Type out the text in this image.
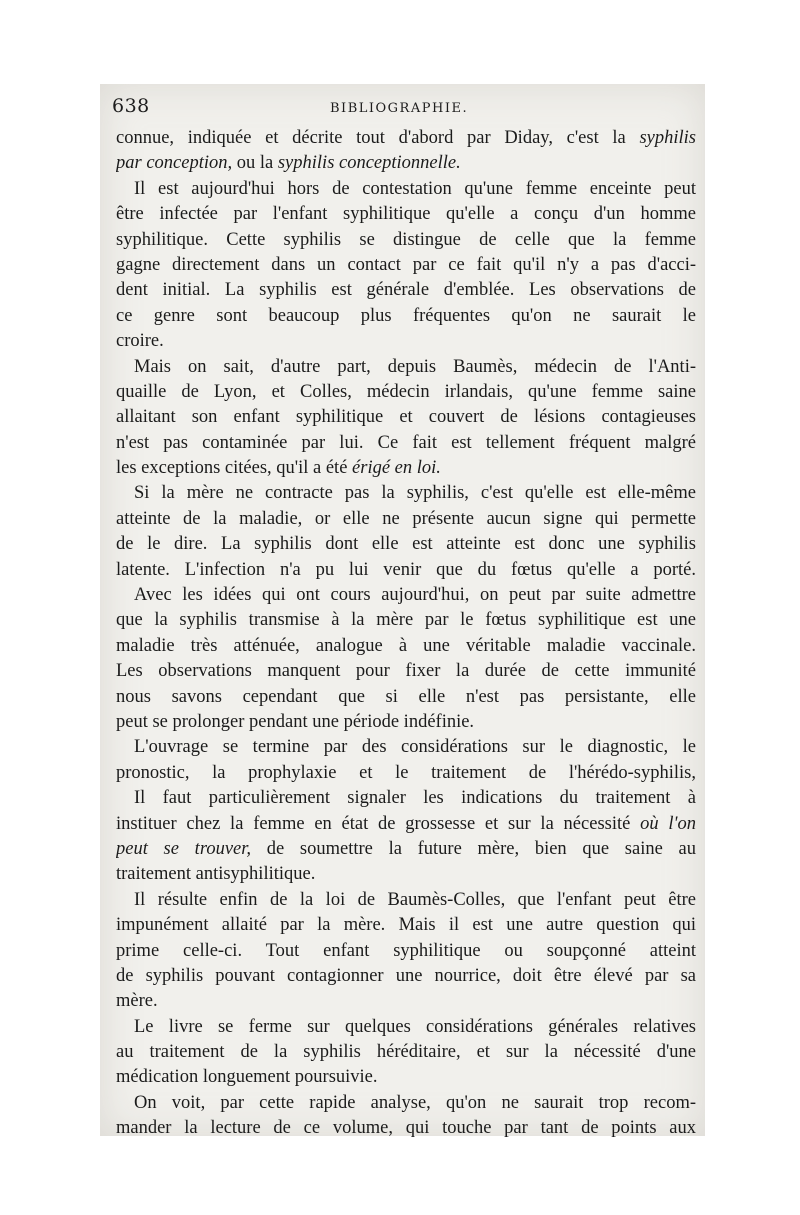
638	BIBLIOGRAPHIE.
connue, indiquée et décrite tout d'abord par Diday, c'est la syphilis
par conception, ou la syphilis conceptionnelle.
Il est aujourd'hui hors de contestation qu'une femme enceinte peut
être infectée par l'enfant syphilitique qu'elle a conçu d'un homme
syphilitique. Cette syphilis se distingue de celle que la femme
gagne directement dans un contact par ce fait qu'il n'y a pas d'acci-
dent initial. La syphilis est générale d'emblée. Les observations de
ce genre sont beaucoup plus fréquentes qu'on ne saurait le
croire.
Mais on sait, d'autre part, depuis Baumès, médecin de l'Anti-
quaille de Lyon, et Colles, médecin irlandais, qu'une femme saine
allaitant son enfant syphilitique et couvert de lésions contagieuses
n'est pas contaminée par lui. Ce fait est tellement fréquent malgré
les exceptions citées, qu'il a été érigé en loi.
Si la mère ne contracte pas la syphilis, c'est qu'elle est elle-même
atteinte de la maladie, or elle ne présente aucun signe qui permette
de le dire. La syphilis dont elle est atteinte est donc une syphilis
latente. L'infection n'a pu lui venir que du fœtus qu'elle a porté.
Avec les idées qui ont cours aujourd'hui, on peut par suite admettre
que la syphilis transmise à la mère par le fœtus syphilitique est une
maladie très atténuée, analogue à une véritable maladie vaccinale.
Les observations manquent pour fixer la durée de cette immunité
nous savons cependant que si elle n'est pas persistante, elle
peut se prolonger pendant une période indéfinie.
L'ouvrage se termine par des considérations sur le diagnostic, le
pronostic, la prophylaxie et le traitement de l'hérédo-syphilis,
Il faut particulièrement signaler les indications du traitement à
instituer chez la femme en état de grossesse et sur la nécessité où l'on
peut se trouver, de soumettre la future mère, bien que saine au
traitement antisyphilitique.
Il résulte enfin de la loi de Baumès-Colles, que l'enfant peut être
impunément allaité par la mère. Mais il est une autre question qui
prime celle-ci. Tout enfant syphilitique ou soupçonné atteint
de syphilis pouvant contagionner une nourrice, doit être élevé par sa
mère.
Le livre se ferme sur quelques considérations générales relatives
au traitement de la syphilis héréditaire, et sur la nécessité d'une
médication longuement poursuivie.
On voit, par cette rapide analyse, qu'on ne saurait trop recom-
mander la lecture de ce volume, qui touche par tant de points aux
